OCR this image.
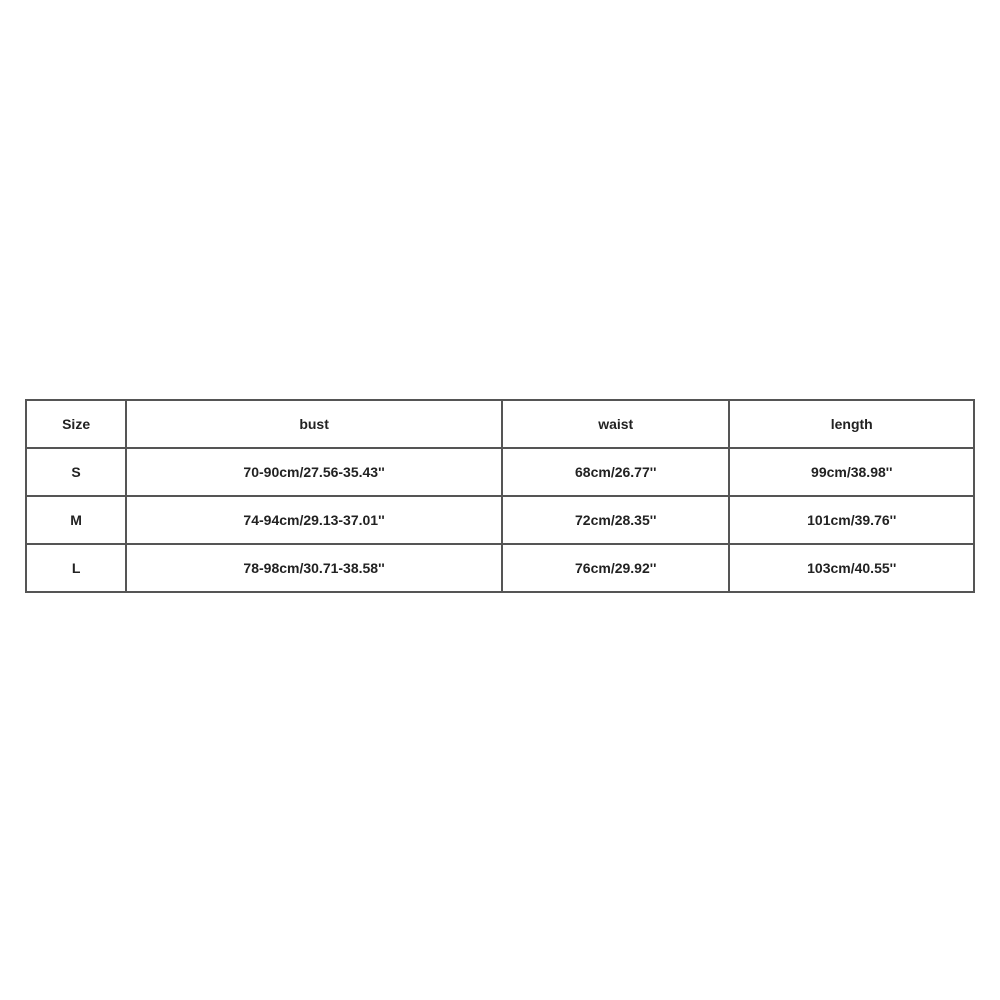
Size	bust	waist	length
S	70-90cm/27.56-35.43''	68cm/26.77''	99cm/38.98''
M	74-94cm/29.13-37.01''	72cm/28.35''	101cm/39.76''
L	78-98cm/30.71-38.58''	76cm/29.92''	103cm/40.55''
